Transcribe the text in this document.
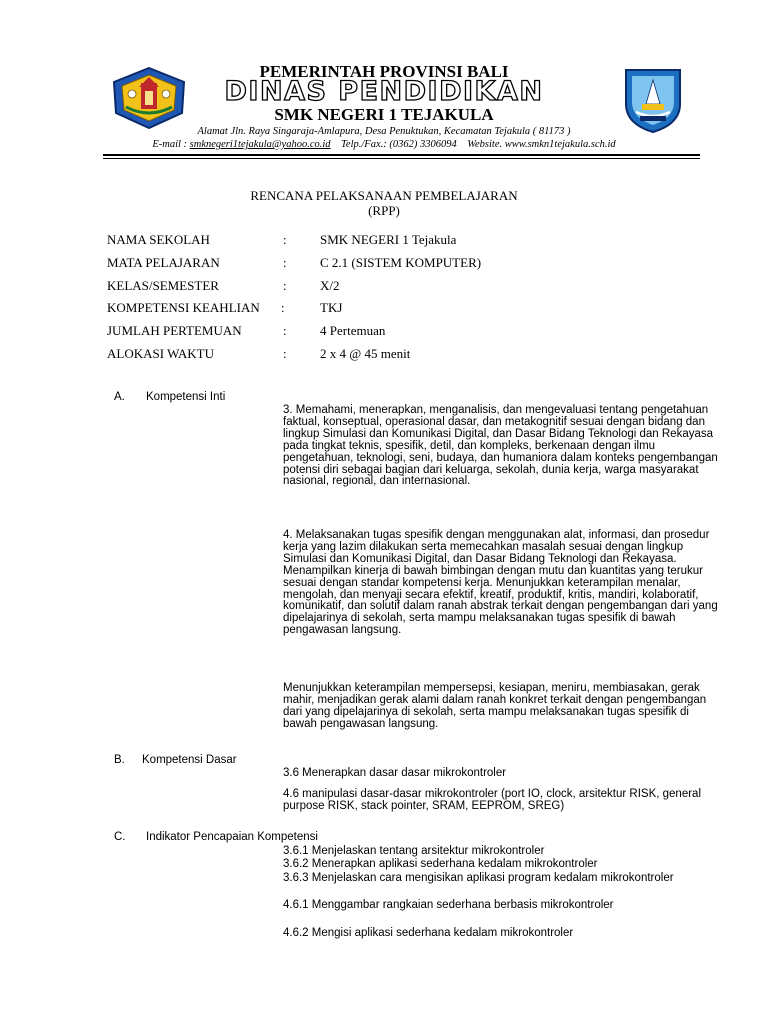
PEMERINTAH PROVINSI BALI
DINAS PENDIDIKAN
SMK NEGERI 1 TEJAKULA
Alamat Jln. Raya Singaraja-Amlapura, Desa Penuktukan, Kecamatan Tejakula ( 81173 )
E-mail : smknegeri1tejakula@yahoo.co.id Telp./Fax.: (0362) 3306094 Website. www.smkn1tejakula.sch.id
RENCANA PELAKSANAAN PEMBELAJARAN
(RPP)
NAMA SEKOLAH	:	SMK NEGERI 1 Tejakula
MATA PELAJARAN	:	C 2.1 (SISTEM KOMPUTER)
KELAS/SEMESTER	:	X/2
KOMPETENSI KEAHLIAN :	TKJ
JUMLAH PERTEMUAN	:	4 Pertemuan
ALOKASI WAKTU	:	2 x 4 @ 45 menit
A. Kompetensi Inti
3. Memahami, menerapkan, menganalisis, dan mengevaluasi tentang pengetahuan faktual, konseptual, operasional dasar, dan metakognitif sesuai dengan bidang dan lingkup Simulasi dan Komunikasi Digital, dan Dasar Bidang Teknologi dan Rekayasa pada tingkat teknis, spesifik, detil, dan kompleks, berkenaan dengan ilmu pengetahuan, teknologi, seni, budaya, dan humaniora dalam konteks pengembangan potensi diri sebagai bagian dari keluarga, sekolah, dunia kerja, warga masyarakat nasional, regional, dan internasional.
4. Melaksanakan tugas spesifik dengan menggunakan alat, informasi, dan prosedur kerja yang lazim dilakukan serta memecahkan masalah sesuai dengan lingkup Simulasi dan Komunikasi Digital, dan Dasar Bidang Teknologi dan Rekayasa. Menampilkan kinerja di bawah bimbingan dengan mutu dan kuantitas yang terukur sesuai dengan standar kompetensi kerja. Menunjukkan keterampilan menalar, mengolah, dan menyaji secara efektif, kreatif, produktif, kritis, mandiri, kolaboratif, komunikatif, dan solutif dalam ranah abstrak terkait dengan pengembangan dari yang dipelajarinya di sekolah, serta mampu melaksanakan tugas spesifik di bawah pengawasan langsung.
Menunjukkan keterampilan mempersepsi, kesiapan, meniru, membiasakan, gerak mahir, menjadikan gerak alami dalam ranah konkret terkait dengan pengembangan dari yang dipelajarinya di sekolah, serta mampu melaksanakan tugas spesifik di bawah pengawasan langsung.
B. Kompetensi Dasar
3.6 Menerapkan dasar dasar mikrokontroler
4.6 manipulasi dasar-dasar mikrokontroler (port IO, clock, arsitektur RISK, general purpose RISK, stack pointer, SRAM, EEPROM, SREG)
C. Indikator Pencapaian Kompetensi
3.6.1 Menjelaskan tentang arsitektur mikrokontroler
3.6.2 Menerapkan aplikasi sederhana kedalam mikrokontroler
3.6.3 Menjelaskan cara mengisikan aplikasi program kedalam mikrokontroler
4.6.1 Menggambar rangkaian sederhana berbasis mikrokontroler
4.6.2 Mengisi aplikasi sederhana kedalam mikrokontroler
